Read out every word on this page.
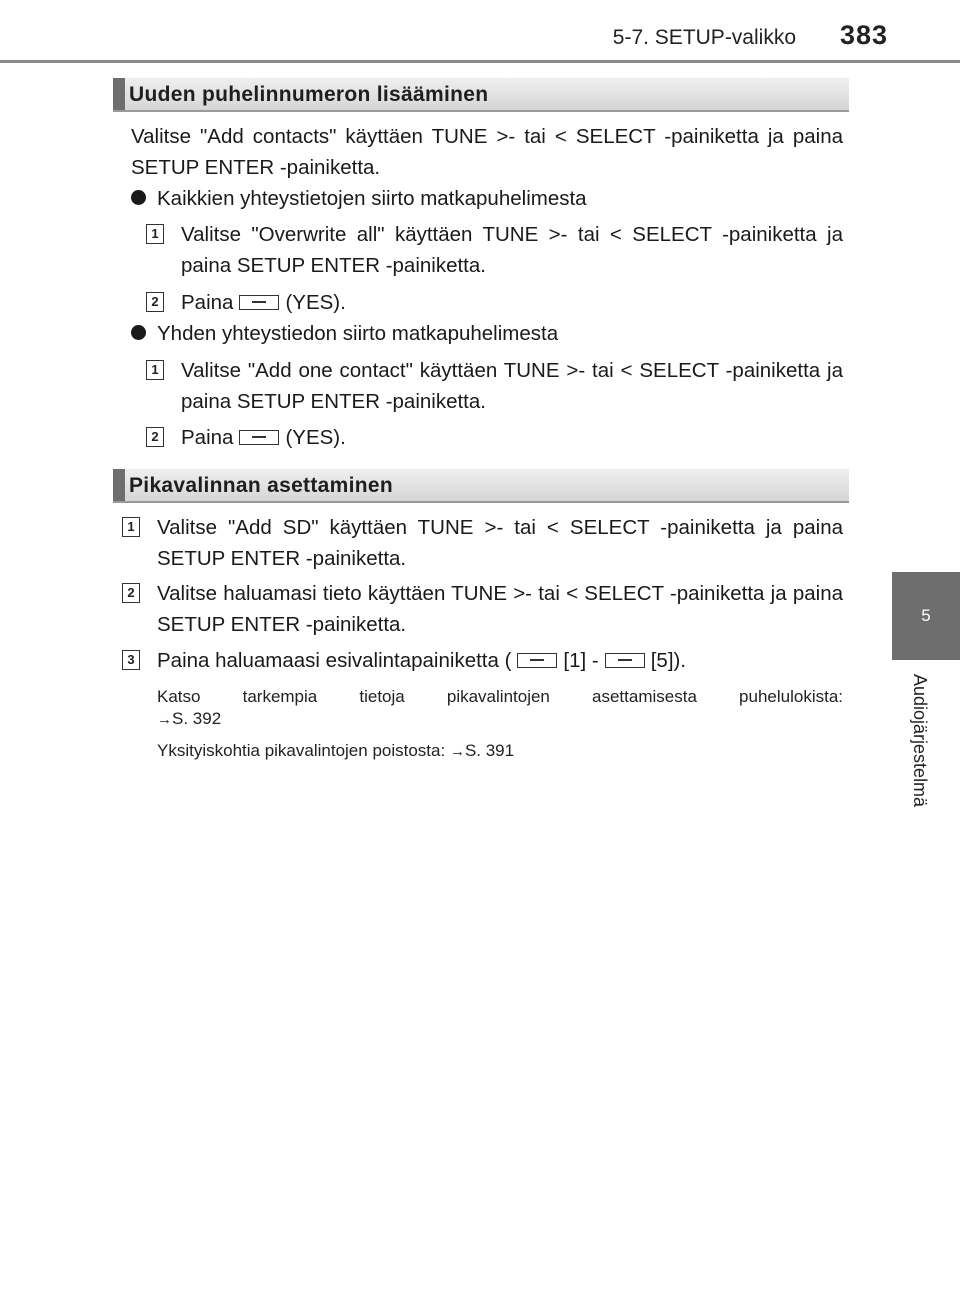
5-7. SETUP-valikko	383
5
Audiojärjestelmä
Uuden puhelinnumeron lisääminen
Valitse "Add contacts" käyttäen TUNE >- tai < SELECT -painiketta ja paina SETUP ENTER -painiketta.
Kaikkien yhteystietojen siirto matkapuhelimesta
1 Valitse "Overwrite all" käyttäen TUNE >- tai < SELECT -painiketta ja paina SETUP ENTER -painiketta.
2 Paina	(YES).
Yhden yhteystiedon siirto matkapuhelimesta
1 Valitse "Add one contact" käyttäen TUNE >- tai < SELECT -painiketta ja paina SETUP ENTER -painiketta.
2 Paina	(YES).
Pikavalinnan asettaminen
1 Valitse "Add SD" käyttäen TUNE >- tai < SELECT -painiketta ja paina SETUP ENTER -painiketta.
2 Valitse haluamasi tieto käyttäen TUNE >- tai < SELECT -painiketta ja paina SETUP ENTER -painiketta.
3 Paina haluamaasi esivalintapainiketta (	[1] -	[5]).
Katso tarkempia tietoja pikavalintojen asettamisesta puhelulokista:
→S. 392
Yksityiskohtia pikavalintojen poistosta: →S. 391
